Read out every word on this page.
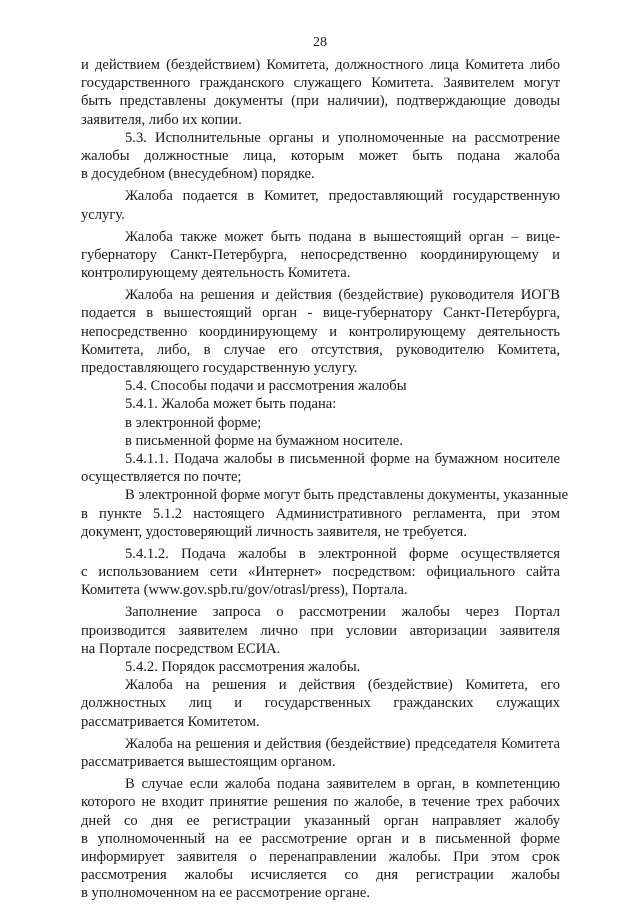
28
и действием (бездействием) Комитета, должностного лица Комитета либо
государственного гражданского служащего Комитета. Заявителем могут
быть представлены документы (при наличии), подтверждающие доводы
заявителя, либо их копии.
5.3. Исполнительные органы и уполномоченные на рассмотрение
жалобы должностные лица, которым может быть подана жалоба
в досудебном (внесудебном) порядке.
Жалоба подается в Комитет, предоставляющий государственную
услугу.
Жалоба также может быть подана в вышестоящий орган – вице-
губернатору Санкт-Петербурга, непосредственно координирующему и
контролирующему деятельность Комитета.
Жалоба на решения и действия (бездействие) руководителя ИОГВ
подается в вышестоящий орган - вице-губернатору Санкт-Петербурга,
непосредственно координирующему и контролирующему деятельность
Комитета, либо, в случае его отсутствия, руководителю Комитета,
предоставляющего государственную услугу.
5.4. Способы подачи и рассмотрения жалобы
5.4.1. Жалоба может быть подана:
в электронной форме;
в письменной форме на бумажном носителе.
5.4.1.1. Подача жалобы в письменной форме на бумажном носителе
осуществляется по почте;
В электронной форме могут быть представлены документы, указанные
в пункте 5.1.2 настоящего Административного регламента, при этом
документ, удостоверяющий личность заявителя, не требуется.
5.4.1.2. Подача жалобы в электронной форме осуществляется
с использованием сети «Интернет» посредством: официального сайта
Комитета (www.gov.spb.ru/gov/otrasl/press), Портала.
Заполнение запроса о рассмотрении жалобы через Портал
производится заявителем лично при условии авторизации заявителя
на Портале посредством ЕСИА.
5.4.2. Порядок рассмотрения жалобы.
Жалоба на решения и действия (бездействие) Комитета, его
должностных лиц и государственных гражданских служащих
рассматривается Комитетом.
Жалоба на решения и действия (бездействие) председателя Комитета
рассматривается вышестоящим органом.
В случае если жалоба подана заявителем в орган, в компетенцию
которого не входит принятие решения по жалобе, в течение трех рабочих
дней со дня ее регистрации указанный орган направляет жалобу
в уполномоченный на ее рассмотрение орган и в письменной форме
информирует заявителя о перенаправлении жалобы. При этом срок
рассмотрения жалобы исчисляется со дня регистрации жалобы
в уполномоченном на ее рассмотрение органе.
